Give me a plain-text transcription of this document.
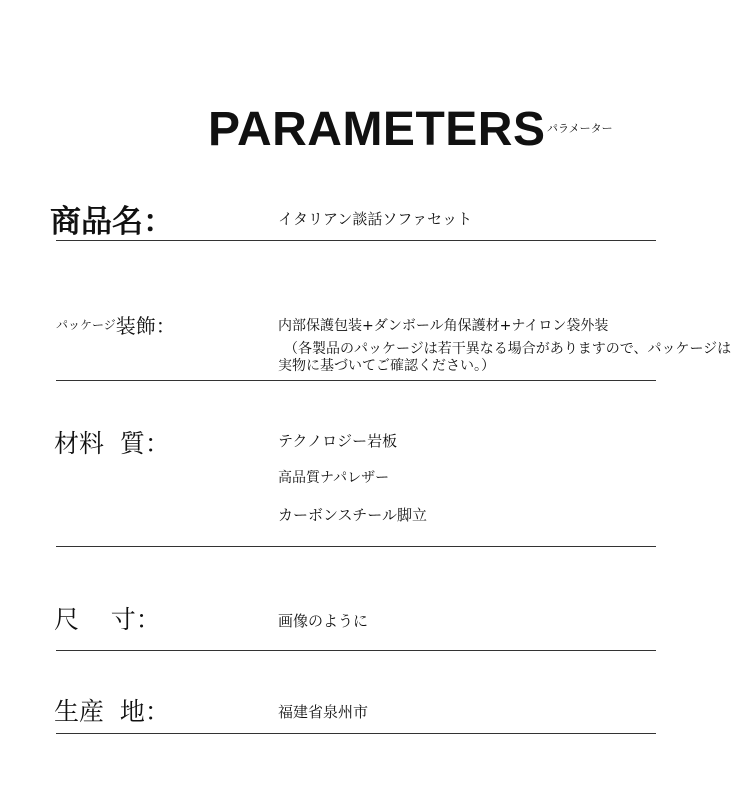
PARAMETERS パラメーター
商品名：	イタリアン談話ソファセット
$^{パッケージ}$装飾：	内部保護包装+ダンボール角保護材+ナイロン袋外装
（各製品のパッケージは若干異なる場合がありますので、パッケージは
実物に基づいてご確認ください。）
材料  質：	テクノロジー岩板
高品質ナパレザー
カーボンスチール脚立
尺    寸：	画像のように
生産  地：	福建省泉州市
